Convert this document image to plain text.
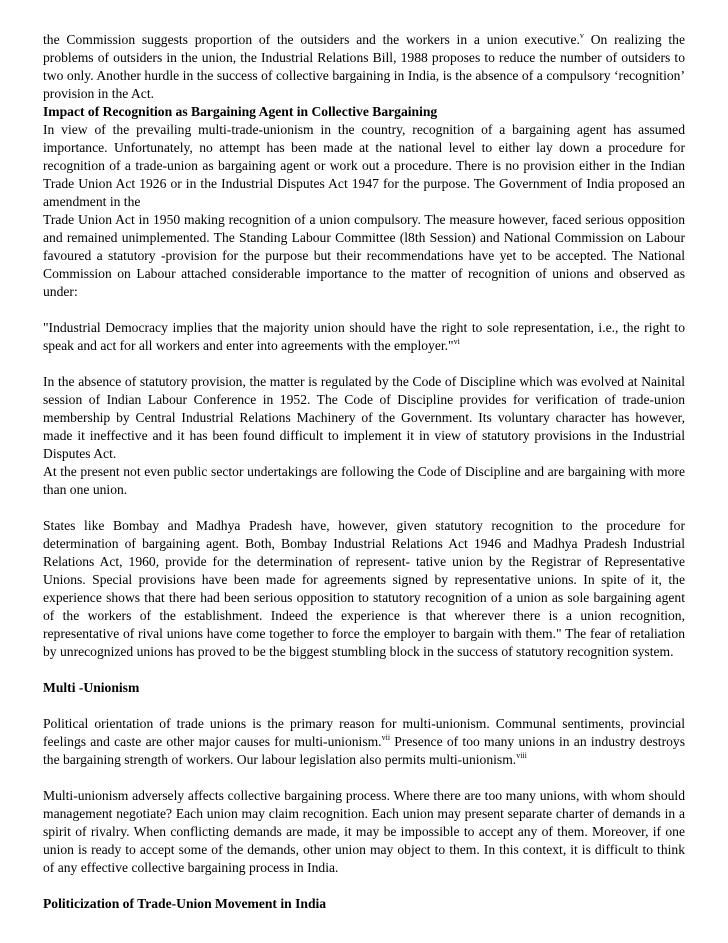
the Commission suggests proportion of the outsiders and the workers in a union executive.$^v$ On realizing the problems of outsiders in the union, the Industrial Relations Bill, 1988 proposes to reduce the number of outsiders to two only. Another hurdle in the success of collective bargaining in India, is the absence of a compulsory ‘recognition’ provision in the Act.

Impact of Recognition as Bargaining Agent in Collective Bargaining

In view of the prevailing multi-trade-unionism in the country, recognition of a bargaining agent has assumed importance. Unfortunately, no attempt has been made at the national level to either lay down a procedure for recognition of a trade-union as bargaining agent or work out a procedure. There is no provision either in the Indian Trade Union Act 1926 or in the Industrial Disputes Act 1947 for the purpose. The Government of India proposed an amendment in the

Trade Union Act in 1950 making recognition of a union compulsory. The measure however, faced serious opposition and remained unimplemented. The Standing Labour Committee (l8th Session) and National Commission on Labour favoured a statutory -provision for the purpose but their recommendations have yet to be accepted. The National Commission on Labour attached considerable importance to the matter of recognition of unions and observed as under:

"Industrial Democracy implies that the majority union should have the right to sole representation, i.e., the right to speak and act for all workers and enter into agreements with the employer."$^{vi}$

In the absence of statutory provision, the matter is regulated by the Code of Discipline which was evolved at Nainital session of Indian Labour Conference in 1952. The Code of Discipline provides for verification of trade-union membership by Central Industrial Relations Machinery of the Government. Its voluntary character has however, made it ineffective and it has been found difficult to implement it in view of statutory provisions in the Industrial Disputes Act.

At the present not even public sector undertakings are following the Code of Discipline and are bargaining with more than one union.

States like Bombay and Madhya Pradesh have, however, given statutory recognition to the procedure for determination of bargaining agent. Both, Bombay Industrial Relations Act 1946 and Madhya Pradesh Industrial Relations Act, 1960, provide for the determination of represent- tative union by the Registrar of Representative Unions. Special provisions have been made for agreements signed by representative unions. In spite of it, the experience shows that there had been serious opposition to statutory recognition of a union as sole bargaining agent of the workers of the establishment. Indeed the experience is that wherever there is a union recognition, representative of rival unions have come together to force the employer to bargain with them." The fear of retaliation by unrecognized unions has proved to be the biggest stumbling block in the success of statutory recognition system.

Multi -Unionism

Political orientation of trade unions is the primary reason for multi-unionism. Communal sentiments, provincial feelings and caste are other major causes for multi-unionism.$^{vii}$ Presence of too many unions in an industry destroys the bargaining strength of workers. Our labour legislation also permits multi-unionism.$^{viii}$

Multi-unionism adversely affects collective bargaining process. Where there are too many unions, with whom should management negotiate? Each union may claim recognition. Each union may present separate charter of demands in a spirit of rivalry. When conflicting demands are made, it may be impossible to accept any of them. Moreover, if one union is ready to accept some of the demands, other union may object to them. In this context, it is difficult to think of any effective collective bargaining process in India.

Politicization of Trade-Union Movement in India
